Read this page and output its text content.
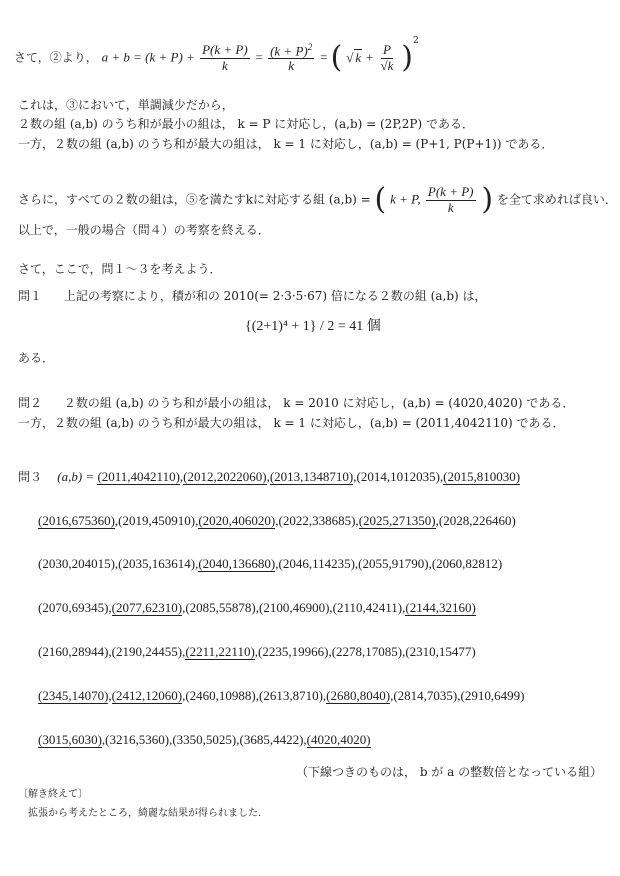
さて，②より， $a + b = (k + P) + \frac{P(k + P)}{k} = \frac{(k + P)^2}{k}$ = ( √ $k + \frac{P}{√k} )^2$
これは，③において，単調減少だから，
２数の組 (a,b) のうち和が最小の組は， k = P に対応し，(a,b) = (2P,2P) である．
一方，２数の組 (a,b) のうち和が最大の組は， k = 1 に対応し，(a,b) = (P+1, P(P+1)) である．
さらに，すべての２数の組は，⑤を満たすkに対応する組 (a,b) = ( k + P, $\frac{P(k + P)}{k}$ ) を全て求めれば良い．
以上で，一般の場合（問４）の考察を終える．
さて，ここで，問１～３を考えよう．
問１ 上記の考察により，積が和の 2010(= 2·3·5·67) 倍になる２数の組 (a,b) は，
{(2+1)⁴ + 1} / 2 = 41 個
ある．
問２ ２数の組 (a,b) のうち和が最小の組は， k = 2010 に対応し，(a,b) = (4020,4020) である．
一方，２数の組 (a,b) のうち和が最大の組は， k = 1 に対応し，(a,b) = (2011,4042110) である．
問３ (a,b) = (2011,4042110),(2012,2022060),(2013,1348710),(2014,1012035),(2015,810030)
(2016,675360),(2019,450910),(2020,406020),(2022,338685),(2025,271350),(2028,226460)
(2030,204015),(2035,163614),(2040,136680),(2046,114235),(2055,91790),(2060,82812)
(2070,69345),(2077,62310),(2085,55878),(2100,46900),(2110,42411),(2144,32160)
(2160,28944),(2190,24455),(2211,22110),(2235,19966),(2278,17085),(2310,15477)
(2345,14070),(2412,12060),(2460,10988),(2613,8710),(2680,8040),(2814,7035),(2910,6499)
(3015,6030),(3216,5360),(3350,5025),(3685,4422),(4020,4020)
（下線つきのものは， b が a の整数倍となっている組）
〔解き終えて〕
拡張から考えたところ，綺麗な結果が得られました．
